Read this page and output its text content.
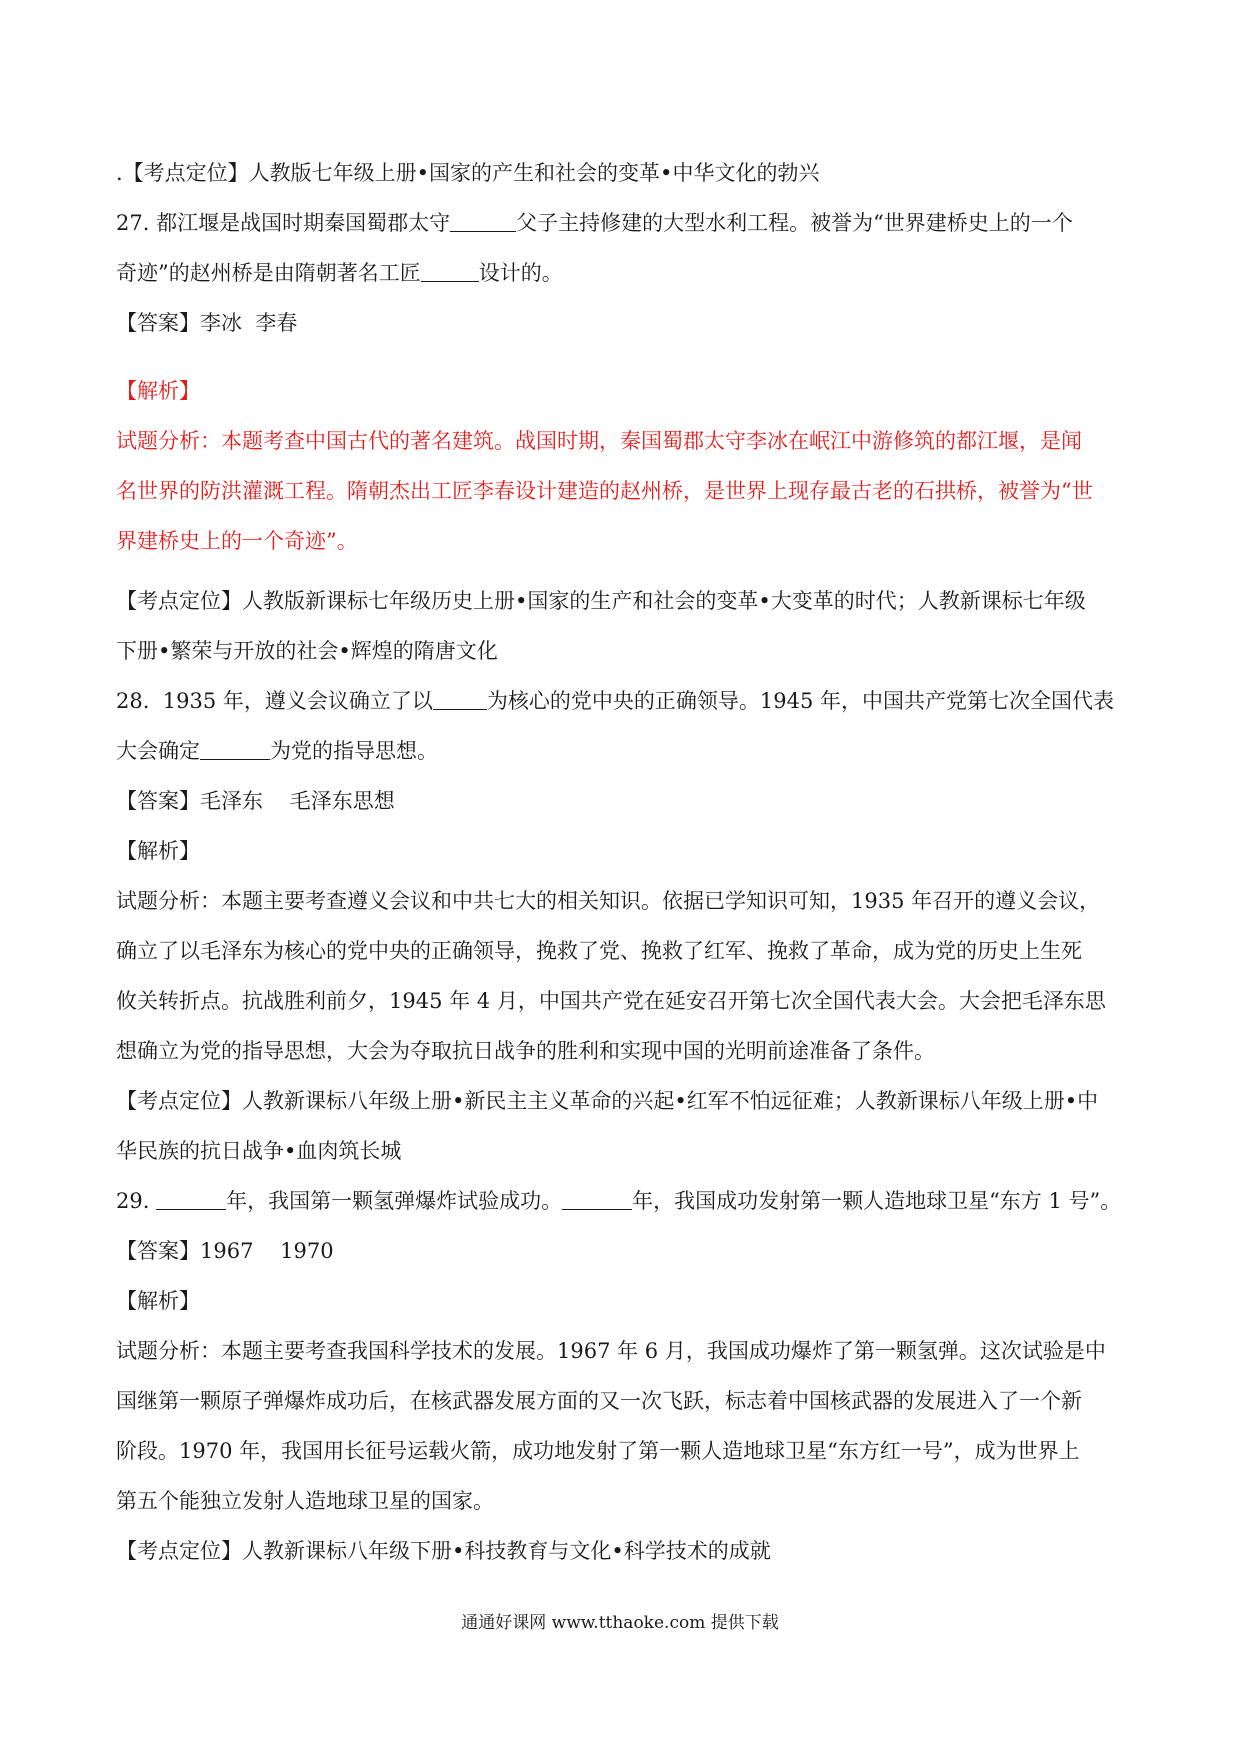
.【考点定位】人教版七年级上册•国家的产生和社会的变革•中华文化的勃兴

27. 都江堰是战国时期秦国蜀郡太守	父子主持修建的大型水利工程。被誉为“世界建桥史上的一个

奇迹”的赵州桥是由隋朝著名工匠	设计的。

【答案】李冰  李春

【解析】

试题分析：本题考查中国古代的著名建筑。战国时期，秦国蜀郡太守李冰在岷江中游修筑的都江堰，是闻

名世界的防洪灌溉工程。隋朝杰出工匠李春设计建造的赵州桥，是世界上现存最古老的石拱桥，被誉为“世

界建桥史上的一个奇迹”。

【考点定位】人教版新课标七年级历史上册•国家的生产和社会的变革•大变革的时代；人教新课标七年级

下册•繁荣与开放的社会•辉煌的隋唐文化

28.  1935 年，遵义会议确立了以	为核心的党中央的正确领导。1945 年，中国共产党第七次全国代表

大会确定	为党的指导思想。

【答案】毛泽东    毛泽东思想

【解析】

试题分析：本题主要考查遵义会议和中共七大的相关知识。依据已学知识可知，1935 年召开的遵义会议，

确立了以毛泽东为核心的党中央的正确领导，挽救了党、挽救了红军、挽救了革命，成为党的历史上生死

攸关转折点。抗战胜利前夕，1945 年 4 月，中国共产党在延安召开第七次全国代表大会。大会把毛泽东思

想确立为党的指导思想，大会为夺取抗日战争的胜利和实现中国的光明前途准备了条件。

【考点定位】人教新课标八年级上册•新民主主义革命的兴起•红军不怕远征难；人教新课标八年级上册•中

华民族的抗日战争•血肉筑长城

29.	年，我国第一颗氢弹爆炸试验成功。	年，我国成功发射第一颗人造地球卫星“东方 1 号”。

【答案】1967    1970

【解析】

试题分析：本题主要考查我国科学技术的发展。1967 年 6 月，我国成功爆炸了第一颗氢弹。这次试验是中

国继第一颗原子弹爆炸成功后，在核武器发展方面的又一次飞跃，标志着中国核武器的发展进入了一个新

阶段。1970 年，我国用长征号运载火箭，成功地发射了第一颗人造地球卫星“东方红一号”，成为世界上

第五个能独立发射人造地球卫星的国家。

【考点定位】人教新课标八年级下册•科技教育与文化•科学技术的成就

通通好课网 www.tthaoke.com 提供下载
